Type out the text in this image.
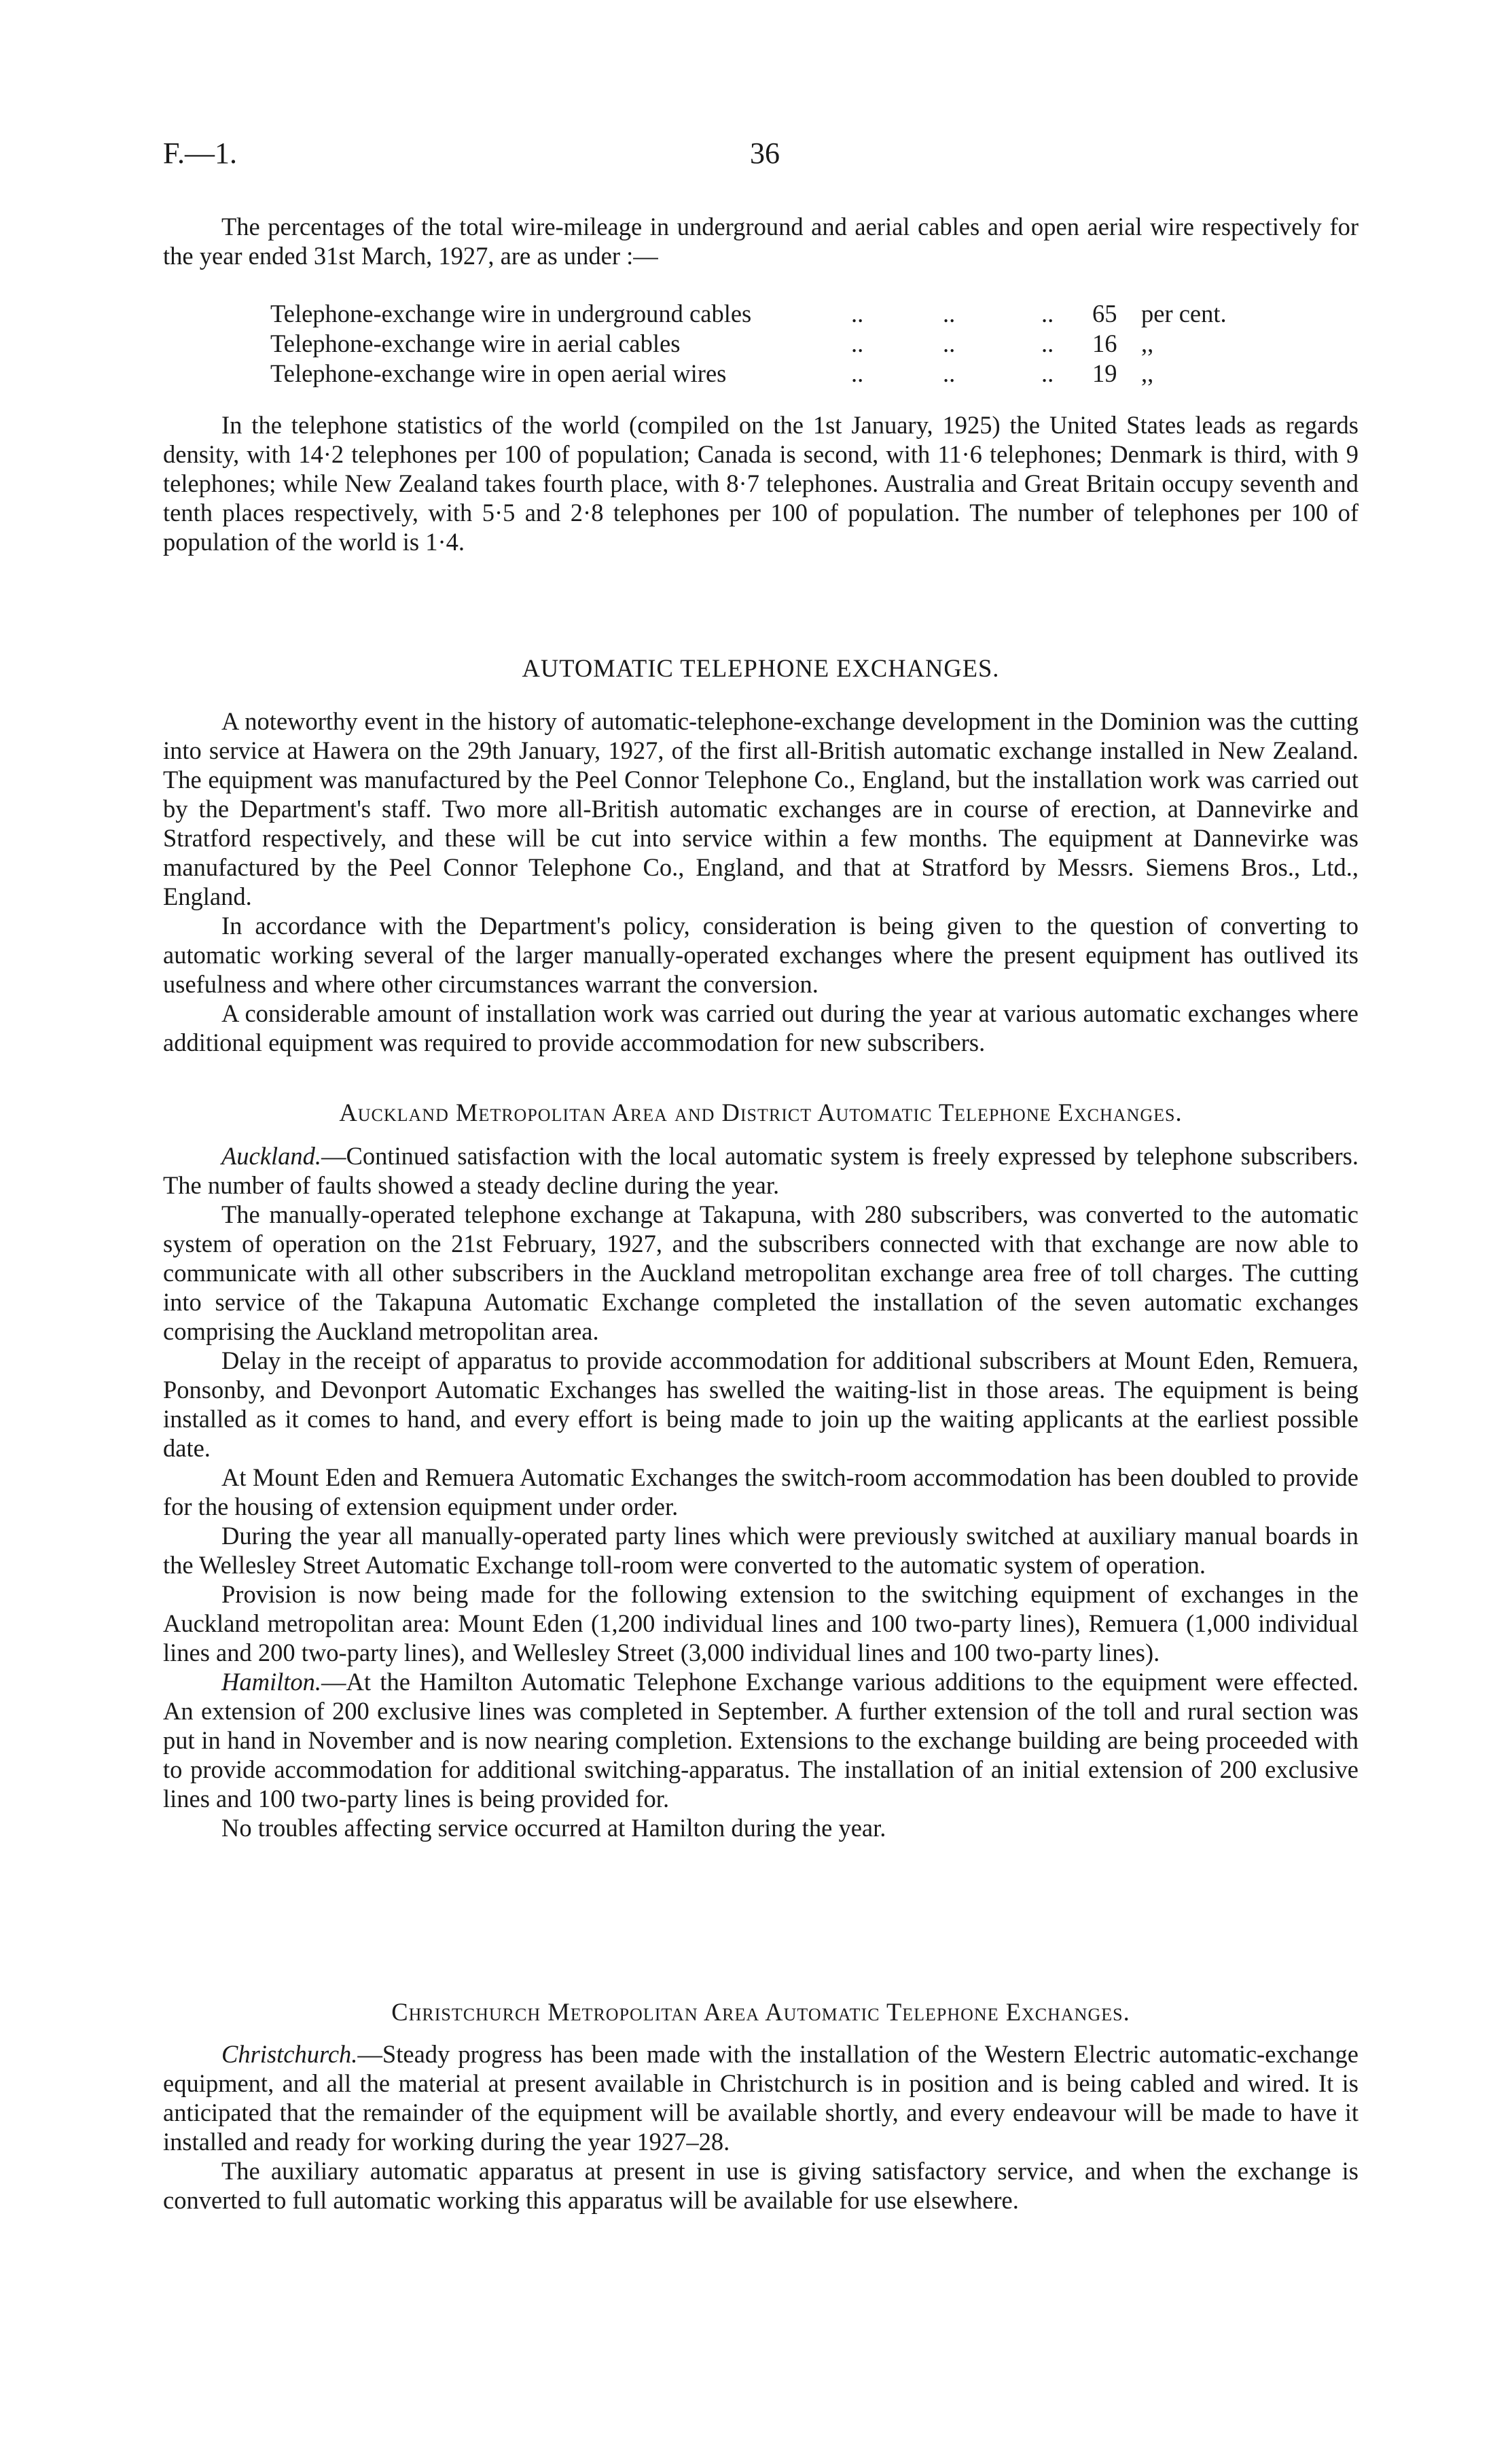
F.—1.	36

The percentages of the total wire-mileage in underground and aerial cables and open aerial wire respectively for the year ended 31st March, 1927, are as under :—

Telephone-exchange wire in underground cables	..	..	.. 65 per cent.
Telephone-exchange wire in aerial cables	..	..	.. 16 ,,
Telephone-exchange wire in open aerial wires	..	..	.. 19 ,,

In the telephone statistics of the world (compiled on the 1st January, 1925) the United States leads as regards density, with 14·2 telephones per 100 of population; Canada is second, with 11·6 telephones; Denmark is third, with 9 telephones; while New Zealand takes fourth place, with 8·7 telephones. Australia and Great Britain occupy seventh and tenth places respectively, with 5·5 and 2·8 telephones per 100 of population. The number of telephones per 100 of population of the world is 1·4.

AUTOMATIC TELEPHONE EXCHANGES.

A noteworthy event in the history of automatic-telephone-exchange development in the Dominion was the cutting into service at Hawera on the 29th January, 1927, of the first all-British automatic exchange installed in New Zealand. The equipment was manufactured by the Peel Connor Telephone Co., England, but the installation work was carried out by the Department's staff. Two more all-British automatic exchanges are in course of erection, at Dannevirke and Stratford respectively, and these will be cut into service within a few months. The equipment at Dannevirke was manufactured by the Peel Connor Telephone Co., England, and that at Stratford by Messrs. Siemens Bros., Ltd., England.

In accordance with the Department's policy, consideration is being given to the question of converting to automatic working several of the larger manually-operated exchanges where the present equipment has outlived its usefulness and where other circumstances warrant the conversion.

A considerable amount of installation work was carried out during the year at various automatic exchanges where additional equipment was required to provide accommodation for new subscribers.

Auckland Metropolitan Area and District Automatic Telephone Exchanges.

Auckland.—Continued satisfaction with the local automatic system is freely expressed by telephone subscribers. The number of faults showed a steady decline during the year.

The manually-operated telephone exchange at Takapuna, with 280 subscribers, was converted to the automatic system of operation on the 21st February, 1927, and the subscribers connected with that exchange are now able to communicate with all other subscribers in the Auckland metropolitan exchange area free of toll charges. The cutting into service of the Takapuna Automatic Exchange completed the installation of the seven automatic exchanges comprising the Auckland metropolitan area.

Delay in the receipt of apparatus to provide accommodation for additional subscribers at Mount Eden, Remuera, Ponsonby, and Devonport Automatic Exchanges has swelled the waiting-list in those areas. The equipment is being installed as it comes to hand, and every effort is being made to join up the waiting applicants at the earliest possible date.

At Mount Eden and Remuera Automatic Exchanges the switch-room accommodation has been doubled to provide for the housing of extension equipment under order.

During the year all manually-operated party lines which were previously switched at auxiliary manual boards in the Wellesley Street Automatic Exchange toll-room were converted to the automatic system of operation.

Provision is now being made for the following extension to the switching equipment of exchanges in the Auckland metropolitan area: Mount Eden (1,200 individual lines and 100 two-party lines), Remuera (1,000 individual lines and 200 two-party lines), and Wellesley Street (3,000 individual lines and 100 two-party lines).

Hamilton.—At the Hamilton Automatic Telephone Exchange various additions to the equipment were effected. An extension of 200 exclusive lines was completed in September. A further extension of the toll and rural section was put in hand in November and is now nearing completion. Extensions to the exchange building are being proceeded with to provide accommodation for additional switching-apparatus. The installation of an initial extension of 200 exclusive lines and 100 two-party lines is being provided for.

No troubles affecting service occurred at Hamilton during the year.

Christchurch Metropolitan Area Automatic Telephone Exchanges.

Christchurch.—Steady progress has been made with the installation of the Western Electric automatic-exchange equipment, and all the material at present available in Christchurch is in position and is being cabled and wired. It is anticipated that the remainder of the equipment will be available shortly, and every endeavour will be made to have it installed and ready for working during the year 1927–28.

The auxiliary automatic apparatus at present in use is giving satisfactory service, and when the exchange is converted to full automatic working this apparatus will be available for use elsewhere.
